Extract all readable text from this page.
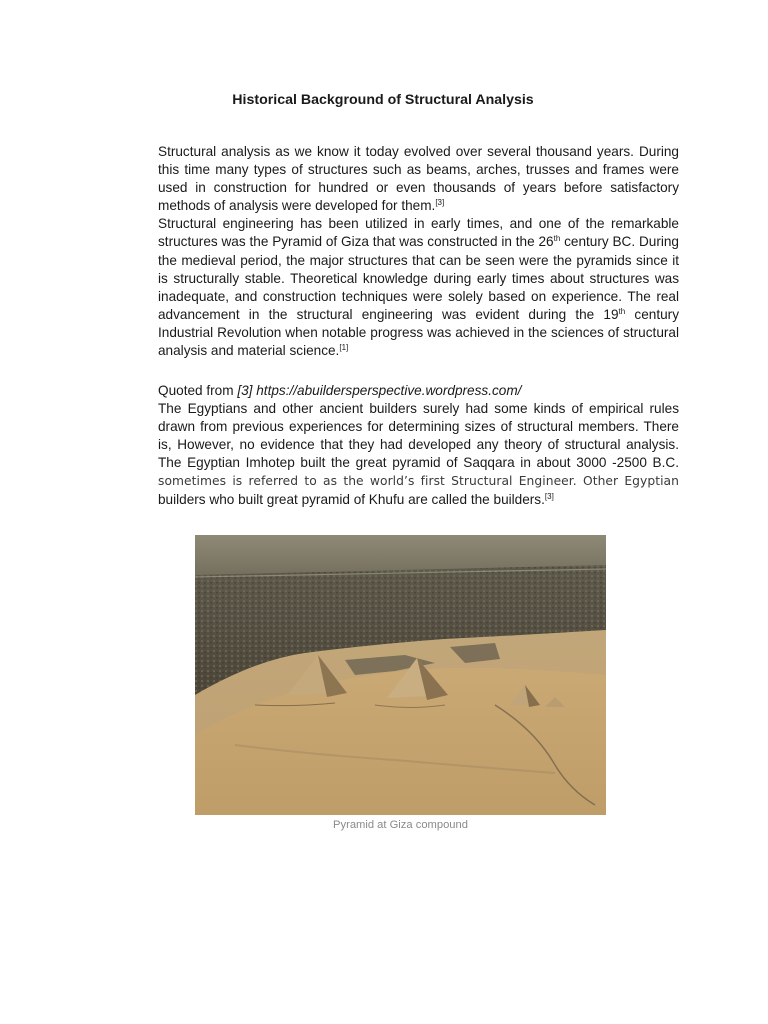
Historical Background of Structural Analysis

Structural analysis as we know it today evolved over several thousand years. During this time many types of structures such as beams, arches, trusses and frames were used in construction for hundred or even thousands of years before satisfactory methods of analysis were developed for them.[3]

Structural engineering has been utilized in early times, and one of the remarkable structures was the Pyramid of Giza that was constructed in the 26th century BC. During the medieval period, the major structures that can be seen were the pyramids since it is structurally stable. Theoretical knowledge during early times about structures was inadequate, and construction techniques were solely based on experience. The real advancement in the structural engineering was evident during the 19th century Industrial Revolution when notable progress was achieved in the sciences of structural analysis and material science.[1]

Quoted from [3] https://abuildersperspective.wordpress.com/

The Egyptians and other ancient builders surely had some kinds of empirical rules drawn from previous experiences for determining sizes of structural members. There is, However, no evidence that they had developed any theory of structural analysis. The Egyptian Imhotep built the great pyramid of Saqqara in about 3000 -2500 B.C. sometimes is referred to as the world’s first Structural Engineer. Other Egyptian builders who built great pyramid of Khufu are called the builders.[3]

Pyramid at Giza compound
